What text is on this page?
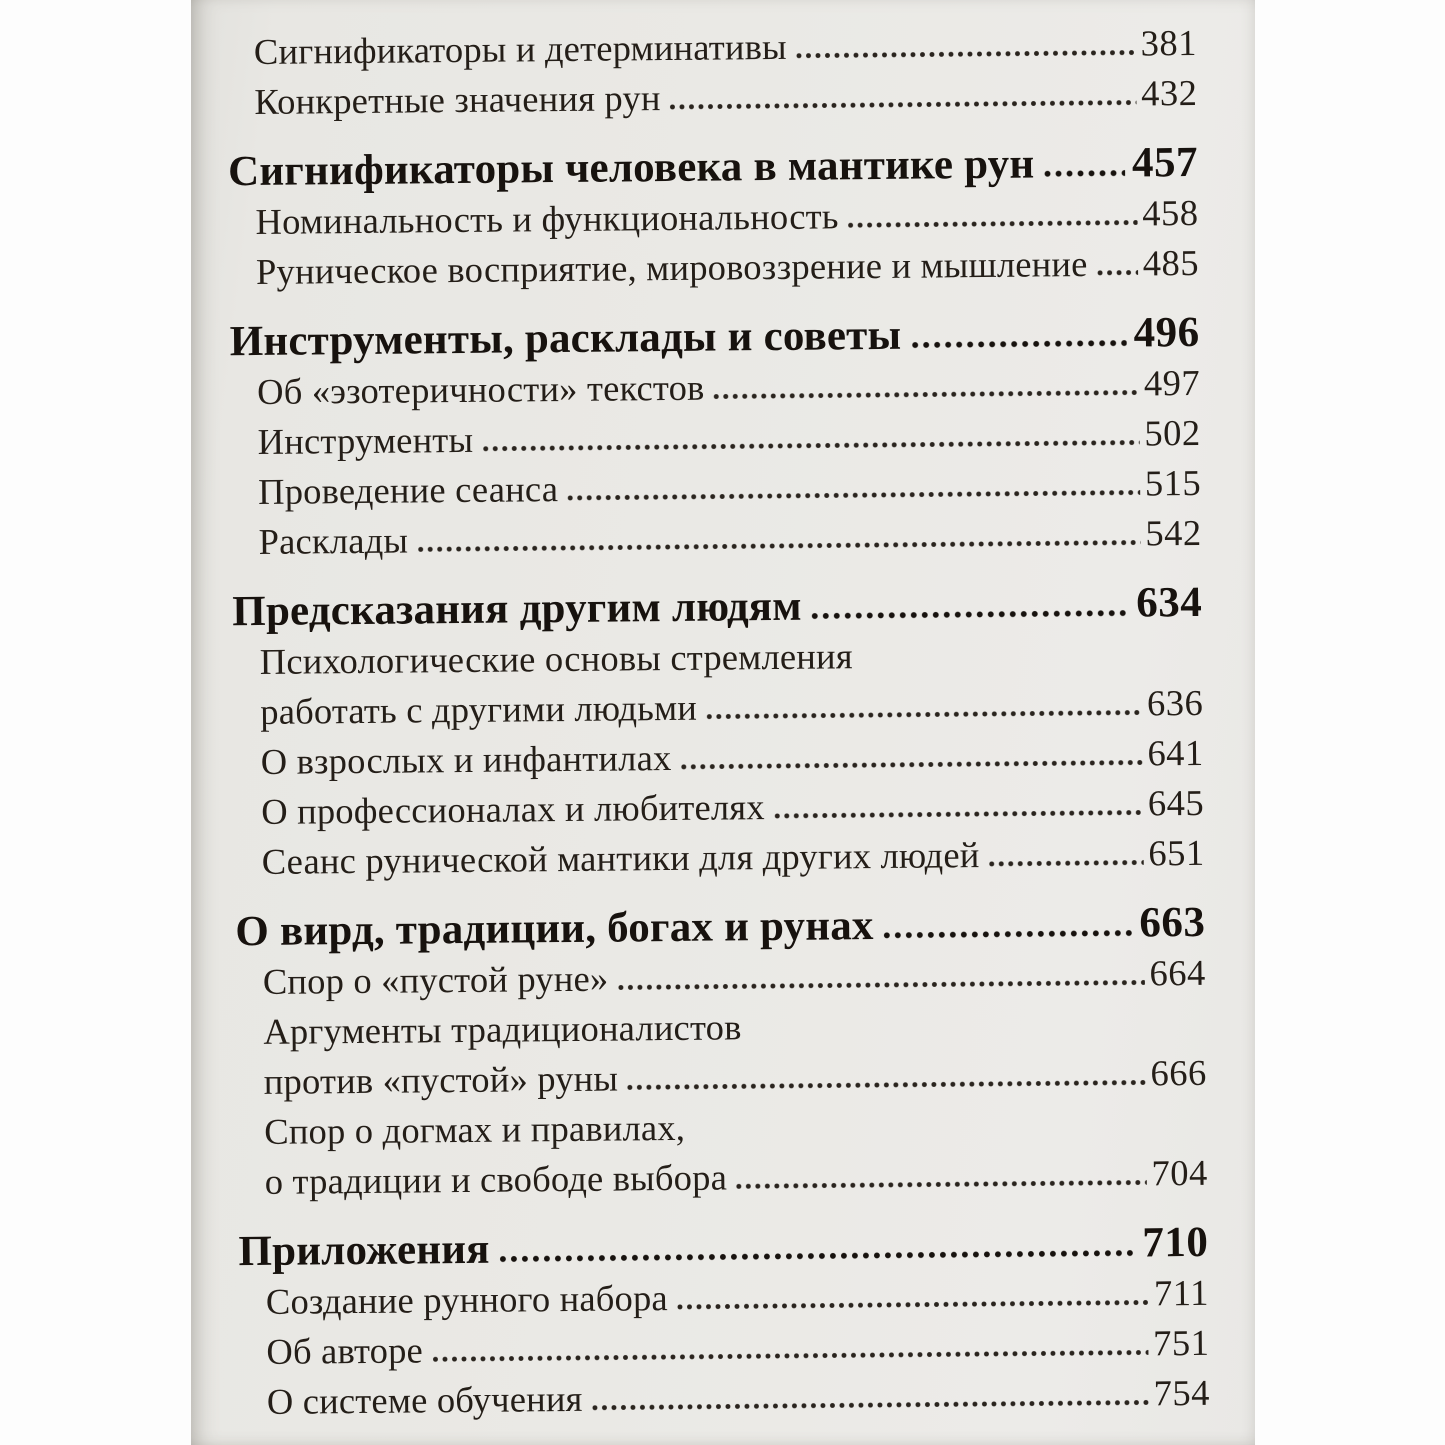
Сигнификаторы и детерминативы	381
Конкретные значения рун	432
Сигнификаторы человека в мантике рун 457
Номинальность и функциональность	458
Руническое восприятие, мировоззрение и мышление 485
Инструменты, расклады и советы	496
Об «эзотеричности» текстов	497
Инструменты	502
Проведение сеанса	515
Расклады	542
Предсказания другим людям	634
Психологические основы стремления
работать с другими людьми	636
О взрослых и инфантилах	641
О профессионалах и любителях	645
Сеанс рунической мантики для других людей	651
О вирд, традиции, богах и рунах	663
Спор о «пустой руне»	664
Аргументы традиционалистов
против «пустой» руны	666
Спор о догмах и правилах,
о традиции и свободе выбора	704
Приложения	710
Создание рунного набора	711
Об авторе	751
О системе обучения	754
